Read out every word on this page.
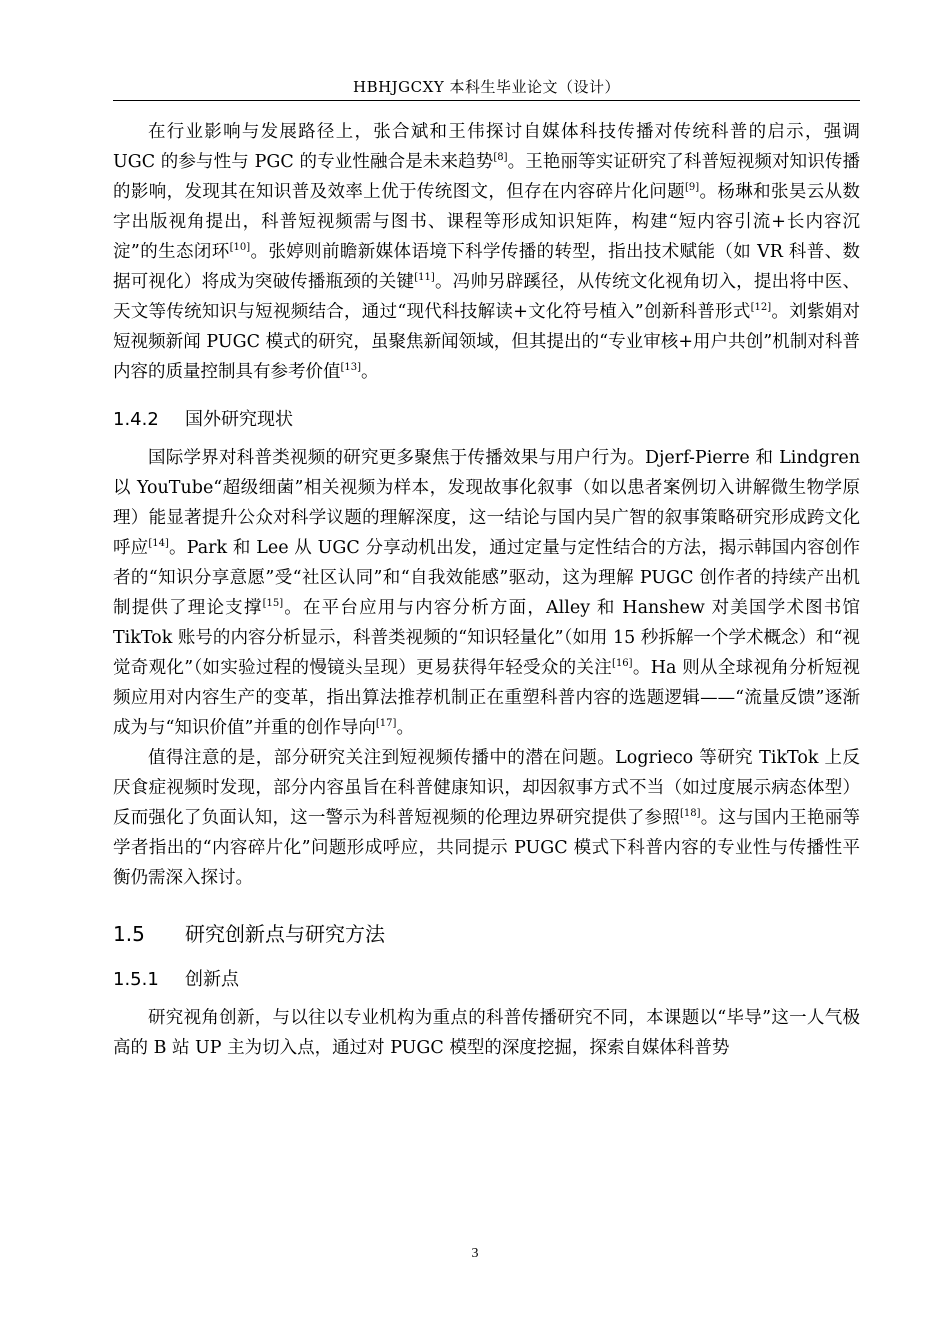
HBHJGCXY 本科生毕业论文（设计）

在行业影响与发展路径上，张合斌和王伟探讨自媒体科技传播对传统科普的启示，强调 UGC 的参与性与 PGC 的专业性融合是未来趋势[8]。王艳丽等实证研究了科普短视频对知识传播的影响，发现其在知识普及效率上优于传统图文，但存在内容碎片化问题[9]。杨琳和张昊云从数字出版视角提出，科普短视频需与图书、课程等形成知识矩阵，构建“短内容引流+长内容沉淀”的生态闭环[10]。张婷则前瞻新媒体语境下科学传播的转型，指出技术赋能（如 VR 科普、数据可视化）将成为突破传播瓶颈的关键[11]。冯帅另辟蹊径，从传统文化视角切入，提出将中医、天文等传统知识与短视频结合，通过“现代科技解读+文化符号植入”创新科普形式[12]。刘紫娟对短视频新闻 PUGC 模式的研究，虽聚焦新闻领域，但其提出的“专业审核+用户共创”机制对科普内容的质量控制具有参考价值[13]。

1.4.2 国外研究现状

国际学界对科普类视频的研究更多聚焦于传播效果与用户行为。Djerf-Pierre 和 Lindgren 以 YouTube“超级细菌”相关视频为样本，发现故事化叙事（如以患者案例切入讲解微生物学原理）能显著提升公众对科学议题的理解深度，这一结论与国内吴广智的叙事策略研究形成跨文化呼应[14]。Park 和 Lee 从 UGC 分享动机出发，通过定量与定性结合的方法，揭示韩国内容创作者的“知识分享意愿”受“社区认同”和“自我效能感”驱动，这为理解 PUGC 创作者的持续产出机制提供了理论支撑[15]。在平台应用与内容分析方面，Alley 和 Hanshew 对美国学术图书馆 TikTok 账号的内容分析显示，科普类视频的“知识轻量化”（如用 15 秒拆解一个学术概念）和“视觉奇观化”（如实验过程的慢镜头呈现）更易获得年轻受众的关注[16]。Ha 则从全球视角分析短视频应用对内容生产的变革，指出算法推荐机制正在重塑科普内容的选题逻辑——“流量反馈”逐渐成为与“知识价值”并重的创作导向[17]。

值得注意的是，部分研究关注到短视频传播中的潜在问题。Logrieco 等研究 TikTok 上反厌食症视频时发现，部分内容虽旨在科普健康知识，却因叙事方式不当（如过度展示病态体型）反而强化了负面认知，这一警示为科普短视频的伦理边界研究提供了参照[18]。这与国内王艳丽等学者指出的“内容碎片化”问题形成呼应，共同提示 PUGC 模式下科普内容的专业性与传播性平衡仍需深入探讨。

1.5 研究创新点与研究方法
1.5.1 创新点

研究视角创新，与以往以专业机构为重点的科普传播研究不同，本课题以“毕导”这一人气极高的 B 站 UP 主为切入点，通过对 PUGC 模型的深度挖掘，探索自媒体科普势

3
